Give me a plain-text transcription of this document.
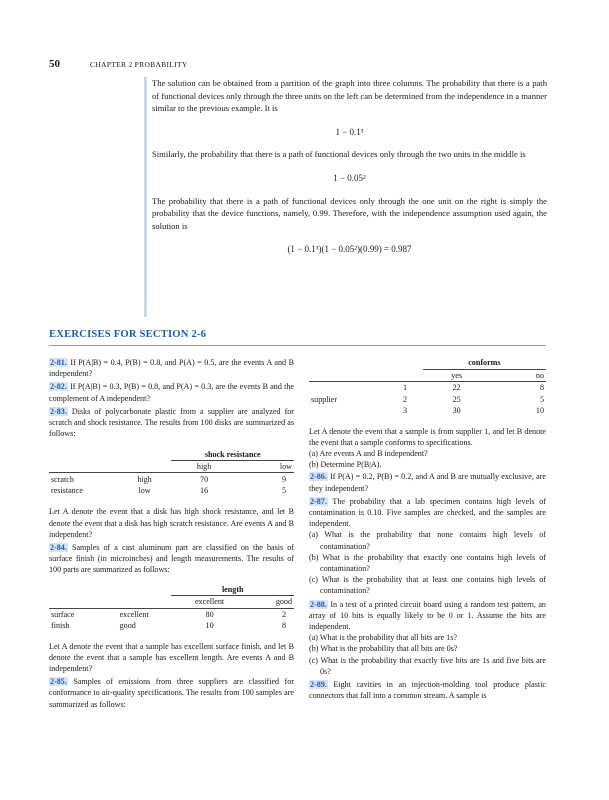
50	CHAPTER 2 PROBABILITY

The solution can be obtained from a partition of the graph into three columns. The probability that there is a path of functional devices only through the three units on the left can be determined from the independence in a manner similar to the previous example. It is

1 − 0.1³

Similarly, the probability that there is a path of functional devices only through the two units in the middle is

1 − 0.05²

The probability that there is a path of functional devices only through the one unit on the right is simply the probability that the device functions, namely, 0.99. Therefore, with the independence assumption used again, the solution is

(1 − 0.1³)(1 − 0.05²)(0.99) = 0.987

EXERCISES FOR SECTION 2-6

2-81. If P(A|B) = 0.4, P(B) = 0.8, and P(A) = 0.5, are the events A and B independent?

2-82. If P(A|B) = 0.3, P(B) = 0.8, and P(A) = 0.3, are the events B and the complement of A independent?

2-83. Disks of polycarbonate plastic from a supplier are analyzed for scratch and shock resistance. The results from 100 disks are summarized as follows:

		shock resistance	
		high	low
scratch	high	70	9
resistance	low	16	5

Let A denote the event that a disk has high shock resistance, and let B denote the event that a disk has high scratch resistance. Are events A and B independent?

2-84. Samples of a cast aluminum part are classified on the basis of surface finish (in microinches) and length measurements. The results of 100 parts are summarized as follows:

		length	
		excellent	good
surface	excellent	80	2
finish	good	10	8

Let A denote the event that a sample has excellent surface finish, and let B denote the event that a sample has excellent length. Are events A and B independent?

2-85. Samples of emissions from three suppliers are classified for conformance to air-quality specifications. The results from 100 samples are summarized as follows:

		conforms	
		yes	no
	1	22	8
supplier	2	25	5
	3	30	10

Let A denote the event that a sample is from supplier 1, and let B denote the event that a sample conforms to specifications.

(a) Are events A and B independent?

(b) Determine P(B|A).

2-86. If P(A) = 0.2, P(B) = 0.2, and A and B are mutually exclusive, are they independent?

2-87. The probability that a lab specimen contains high levels of contamination is 0.10. Five samples are checked, and the samples are independent.

(a) What is the probability that none contains high levels of contamination?

(b) What is the probability that exactly one contains high levels of contamination?

(c) What is the probability that at least one contains high levels of contamination?

2-88. In a test of a printed circuit board using a random test pattern, an array of 10 bits is equally likely to be 0 or 1. Assume the bits are independent.

(a) What is the probability that all bits are 1s?

(b) What is the probability that all bits are 0s?

(c) What is the probability that exactly five bits are 1s and five bits are 0s?

2-89. Eight cavities in an injection-molding tool produce plastic connectors that fall into a common stream. A sample is
